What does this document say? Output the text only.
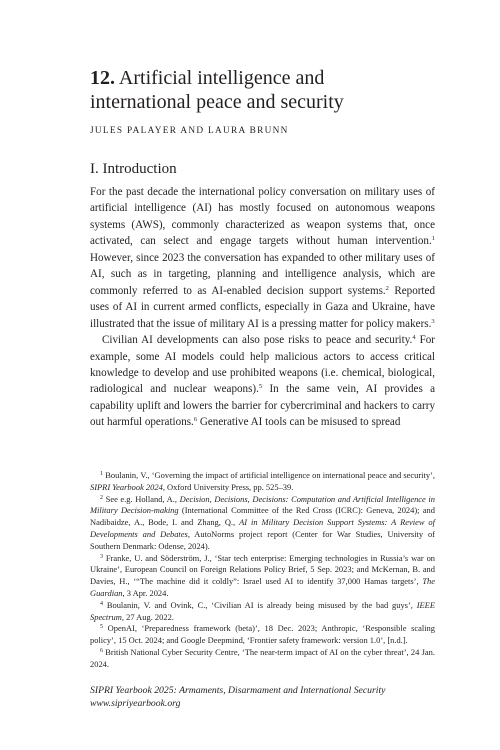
12. Artificial intelligence and international peace and security

JULES PALAYER AND LAURA BRUNN

I. Introduction

For the past decade the international policy conversation on military uses of artificial intelligence (AI) has mostly focused on autonomous weapons systems (AWS), commonly characterized as weapon systems that, once activated, can select and engage targets without human intervention.$^1$ However, since 2023 the conversation has expanded to other military uses of AI, such as in targeting, planning and intelligence analysis, which are commonly referred to as AI-enabled decision support systems.$^2$ Reported uses of AI in current armed conflicts, especially in Gaza and Ukraine, have illustrated that the issue of military AI is a pressing matter for policy makers.$^3$

Civilian AI developments can also pose risks to peace and security.$^4$ For example, some AI models could help malicious actors to access critical knowledge to develop and use prohibited weapons (i.e. chemical, biological, radiological and nuclear weapons).$^5$ In the same vein, AI provides a capability uplift and lowers the barrier for cybercriminal and hackers to carry out harmful operations.$^6$ Generative AI tools can be misused to spread

$^1$ Boulanin, V., ‘Governing the impact of artificial intelligence on international peace and security’, SIPRI Yearbook 2024, Oxford University Press, pp. 525–39.

$^2$ See e.g. Holland, A., Decision, Decisions, Decisions: Computation and Artificial Intelligence in Military Decision-making (International Committee of the Red Cross (ICRC): Geneva, 2024); and Nadibaidze, A., Bode, I. and Zhang, Q., AI in Military Decision Support Systems: A Review of Developments and Debates, AutoNorms project report (Center for War Studies, University of Southern Denmark: Odense, 2024).

$^3$ Franke, U. and Söderström, J., ‘Star tech enterprise: Emerging technologies in Russia’s war on Ukraine’, European Council on Foreign Relations Policy Brief, 5 Sep. 2023; and McKernan, B. and Davies, H., ‘“The machine did it coldly”: Israel used AI to identify 37,000 Hamas targets’, The Guardian, 3 Apr. 2024.

$^4$ Boulanin, V. and Ovink, C., ‘Civilian AI is already being misused by the bad guys’, IEEE Spectrum, 27 Aug. 2022.

$^5$ OpenAI, ‘Preparedness framework (beta)’, 18 Dec. 2023; Anthropic, ‘Responsible scaling policy’, 15 Oct. 2024; and Google Deepmind, ‘Frontier safety framework: version 1.0’, [n.d.].

$^6$ British National Cyber Security Centre, ‘The near-term impact of AI on the cyber threat’, 24 Jan. 2024.

SIPRI Yearbook 2025: Armaments, Disarmament and International Security
www.sipriyearbook.org
